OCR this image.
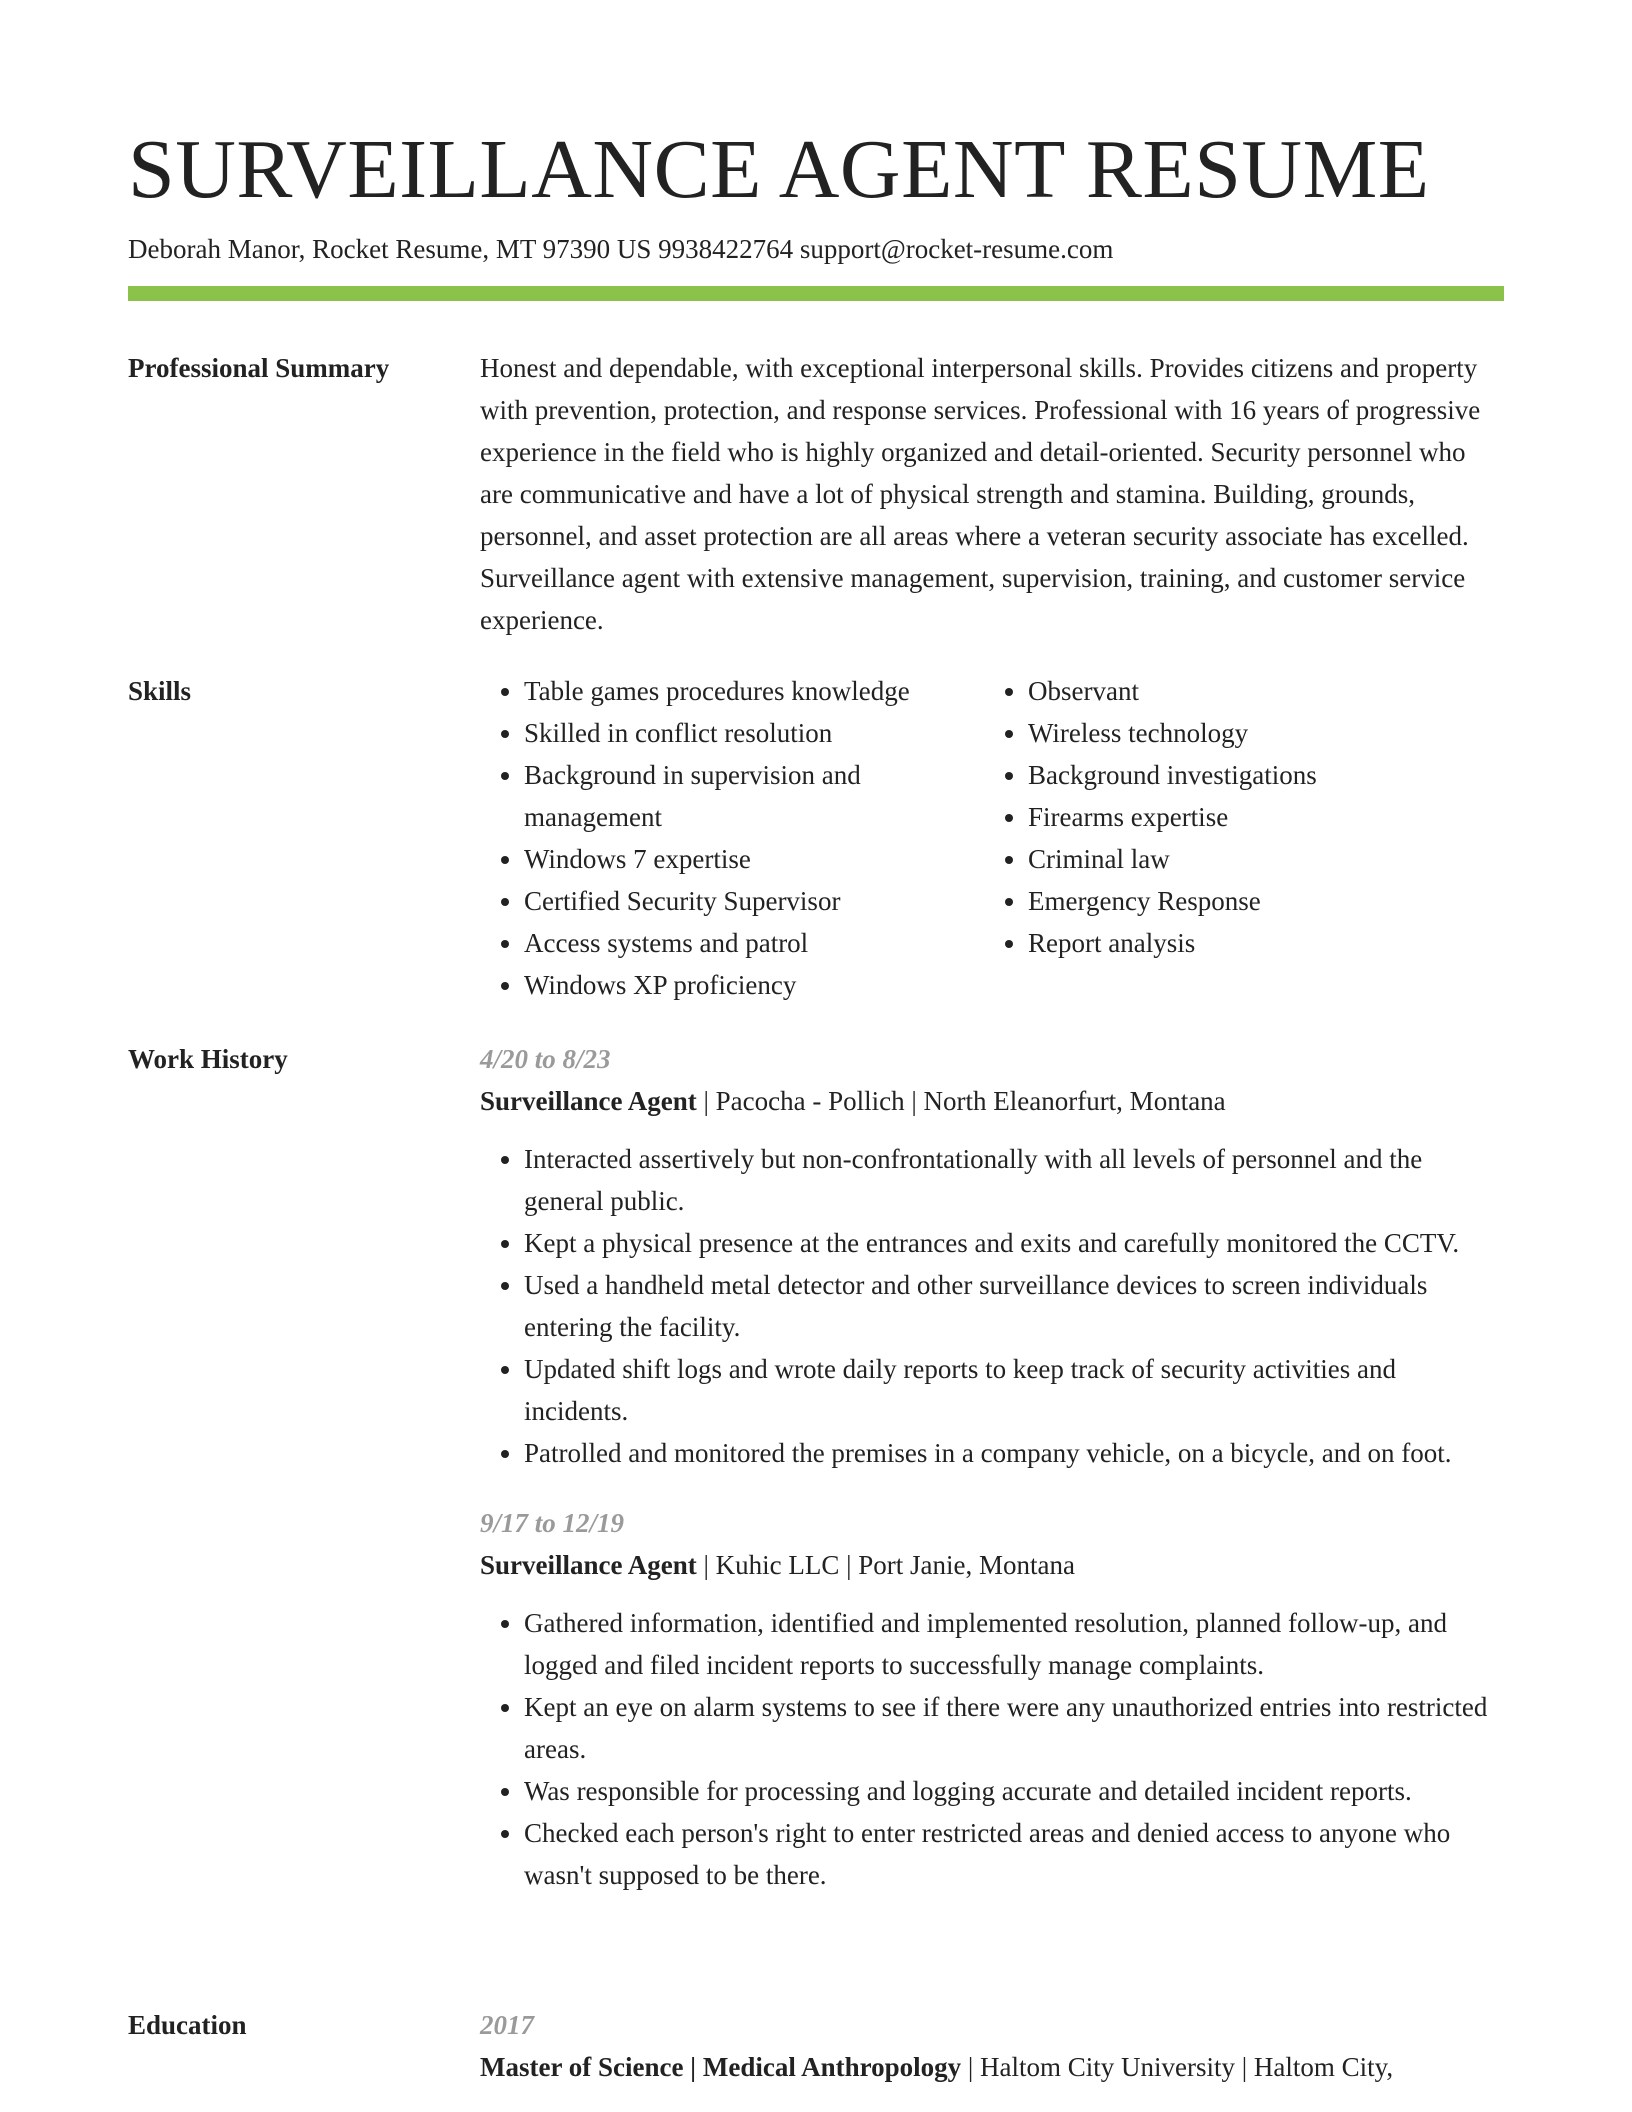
SURVEILLANCE AGENT RESUME
Deborah Manor, Rocket Resume, MT 97390 US 9938422764 support@rocket-resume.com
Professional Summary	Honest and dependable, with exceptional interpersonal skills. Provides citizens and property with prevention, protection, and response services. Professional with 16 years of progressive experience in the field who is highly organized and detail-oriented. Security personnel who are communicative and have a lot of physical strength and stamina. Building, grounds, personnel, and asset protection are all areas where a veteran security associate has excelled. Surveillance agent with extensive management, supervision, training, and customer service experience.

Skills
•	Table games procedures knowledge
• Skilled in conflict resolution
• Background in supervision and management
• Windows 7 expertise
• Certified Security Supervisor
• Access systems and patrol
• Windows XP proficiency
• Observant
• Wireless technology
• Background investigations
• Firearms expertise
• Criminal law
• Emergency Response
• Report analysis
Work History	4/20 to 8/23
Surveillance Agent | Pacocha - Pollich | North Eleanorfurt, Montana
• Interacted assertively but non-confrontationally with all levels of personnel and the general public.
• Kept a physical presence at the entrances and exits and carefully monitored the CCTV.
• Used a handheld metal detector and other surveillance devices to screen individuals entering the facility.
• Updated shift logs and wrote daily reports to keep track of security activities and incidents.
• Patrolled and monitored the premises in a company vehicle, on a bicycle, and on foot.
9/17 to 12/19
Surveillance Agent | Kuhic LLC | Port Janie, Montana
• Gathered information, identified and implemented resolution, planned follow-up, and logged and filed incident reports to successfully manage complaints.
• Kept an eye on alarm systems to see if there were any unauthorized entries into restricted areas.
• Was responsible for processing and logging accurate and detailed incident reports.
• Checked each person's right to enter restricted areas and denied access to anyone who wasn't supposed to be there.
Education	2017
Master of Science | Medical Anthropology | Haltom City University | Haltom City,
